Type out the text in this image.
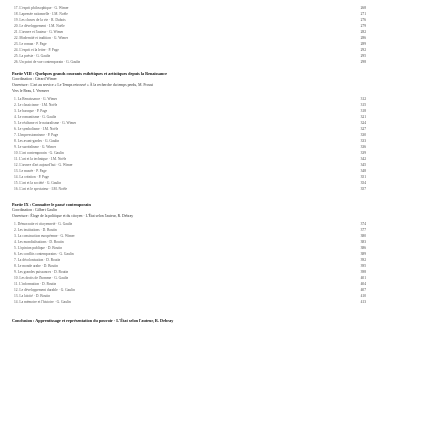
17. L'esprit philosophique · G. Wimer	268
18. Lapensée rationnelle · I.M. Noële	271
19. Les choses de la vie · R. Dubois	276
20. Le développement · I.M. Noële	279
21. L'œuvre et l'auteur · G. Wimer	282
22. Modernité et tradition · G. Wimer	286
23. Le roman · P. Page	289
24. L'esprit et la lettre · P. Page	292
25. La poésie · G. Gaulin	295
26. Un point de vue contemporain · G. Gaulin	298
Partie VIII : Quelques grands courants esthétiques et artistiques depuis la Renaissance
Coordination : Gérard Wimer
Ouverture : L'art au service « Le Temps retrouvé » À la recherche du temps perdu, M. Proust
Vers le Beau, I. Vermeer
1. La Renaissance · G. Wimer	312
2. Le classicisme · I.M. Noële	315
3. Le baroque · P. Page	318
4. Le romantisme · G. Gaulin	321
5. Le réalisme et le naturalisme · G. Wimer	324
6. Le symbolisme · I.M. Noële	327
7. L'impressionnisme · P. Page	330
8. Les avant-gardes · G. Gaulin	333
9. Le surréalisme · G. Wimer	336
10. L'art contemporain · G. Gaulin	339
11. L'art et la technique · I.M. Noële	342
12. L'œuvre d'art aujourd'hui · G. Wimer	345
13. Le musée · P. Page	348
14. La création · P. Page	351
15. L'art et la société · G. Gaulin	354
16. L'art et le spectateur · I.M. Noële	357
Partie IX : Connaître le passé contemporain
Coordination : Gilbert Gaulin
Ouverture : Éloge de la politique et du citoyen · L'État selon l'auteur, R. Debray
1. Démocratie et citoyenneté · G. Gaulin	374
2. Les institutions · D. Boutin	377
3. La construction européenne · G. Wimer	380
4. Les mondialisations · D. Boutin	383
5. L'opinion publique · D. Boutin	386
6. Les conflits contemporains · G. Gaulin	389
7. La décolonisation · D. Boutin	392
8. Le monde arabe · D. Boutin	395
9. Les grandes puissances · D. Boutin	398
10. Les droits de l'homme · G. Gaulin	401
11. L'information · D. Boutin	404
12. Le développement durable · G. Gaulin	407
13. La laïcité · D. Boutin	410
14. La mémoire et l'histoire · G. Gaulin	413
Conclusion : Apprentissage et représentation du pouvoir · L'État selon l'auteur, R. Debray
